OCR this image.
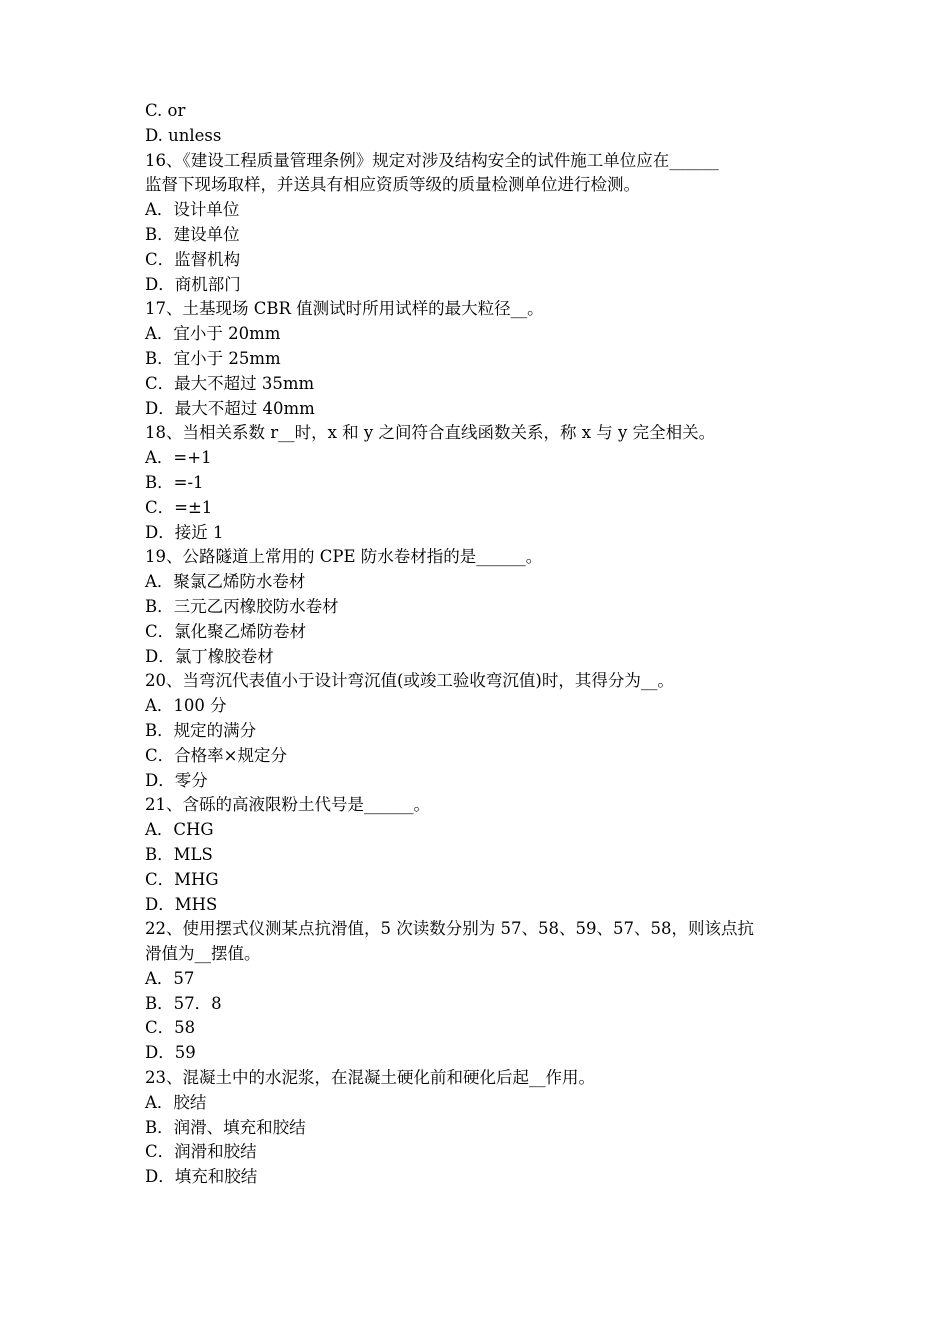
C. or

D. unless

16、《建设工程质量管理条例》规定对涉及结构安全的试件施工单位应在______

监督下现场取样，并送具有相应资质等级的质量检测单位进行检测。

A．设计单位

B．建设单位

C．监督机构

D．商机部门

17、土基现场 CBR 值测试时所用试样的最大粒径__。

A．宜小于 20mm

B．宜小于 25mm

C．最大不超过 35mm

D．最大不超过 40mm

18、当相关系数 r__时，x 和 y 之间符合直线函数关系，称 x 与 y 完全相关。

A．=+1

B．=-1

C．=±1

D．接近 1

19、公路隧道上常用的 CPE 防水卷材指的是______。

A．聚氯乙烯防水卷材

B．三元乙丙橡胶防水卷材

C．氯化聚乙烯防卷材

D．氯丁橡胶卷材

20、当弯沉代表值小于设计弯沉值(或竣工验收弯沉值)时，其得分为__。

A．100 分

B．规定的满分

C．合格率×规定分

D．零分

21、含砾的高液限粉土代号是______。

A．CHG

B．MLS

C．MHG

D．MHS

22、使用摆式仪测某点抗滑值，5 次读数分别为 57、58、59、57、58，则该点抗

滑值为__摆值。

A．57

B．57．8

C．58

D．59

23、混凝土中的水泥浆，在混凝土硬化前和硬化后起__作用。

A．胶结

B．润滑、填充和胶结

C．润滑和胶结

D．填充和胶结
